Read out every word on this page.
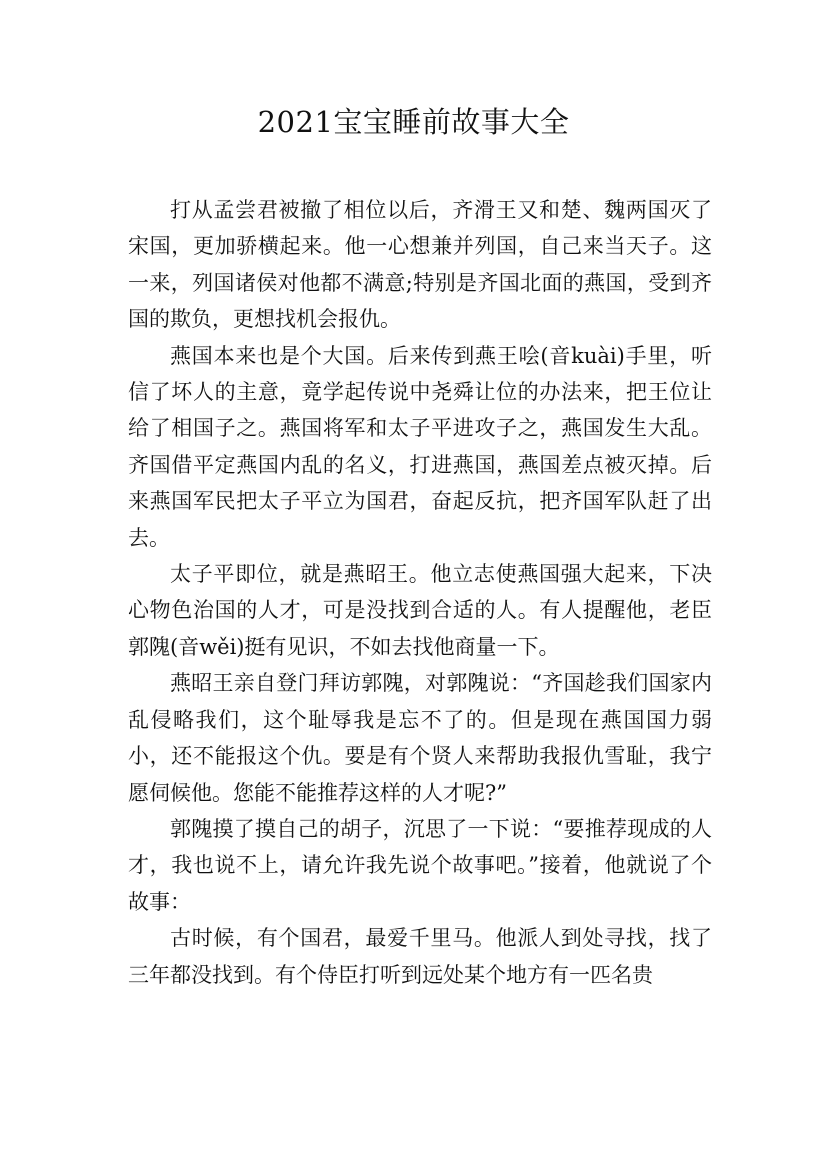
2021宝宝睡前故事大全

打从孟尝君被撤了相位以后，齐滑王又和楚、魏两国灭了宋国，更加骄横起来。他一心想兼并列国，自己来当天子。这一来，列国诸侯对他都不满意;特别是齐国北面的燕国，受到齐国的欺负，更想找机会报仇。

燕国本来也是个大国。后来传到燕王哙(音kuài)手里，听信了坏人的主意，竟学起传说中尧舜让位的办法来，把王位让给了相国子之。燕国将军和太子平进攻子之，燕国发生大乱。齐国借平定燕国内乱的名义，打进燕国，燕国差点被灭掉。后来燕国军民把太子平立为国君，奋起反抗，把齐国军队赶了出去。

太子平即位，就是燕昭王。他立志使燕国强大起来，下决心物色治国的人才，可是没找到合适的人。有人提醒他，老臣郭隗(音wěi)挺有见识，不如去找他商量一下。

燕昭王亲自登门拜访郭隗，对郭隗说：“齐国趁我们国家内乱侵略我们，这个耻辱我是忘不了的。但是现在燕国国力弱小，还不能报这个仇。要是有个贤人来帮助我报仇雪耻，我宁愿伺候他。您能不能推荐这样的人才呢?”

郭隗摸了摸自己的胡子，沉思了一下说：“要推荐现成的人才，我也说不上，请允许我先说个故事吧。”接着，他就说了个故事：

古时候，有个国君，最爱千里马。他派人到处寻找，找了三年都没找到。有个侍臣打听到远处某个地方有一匹名贵
